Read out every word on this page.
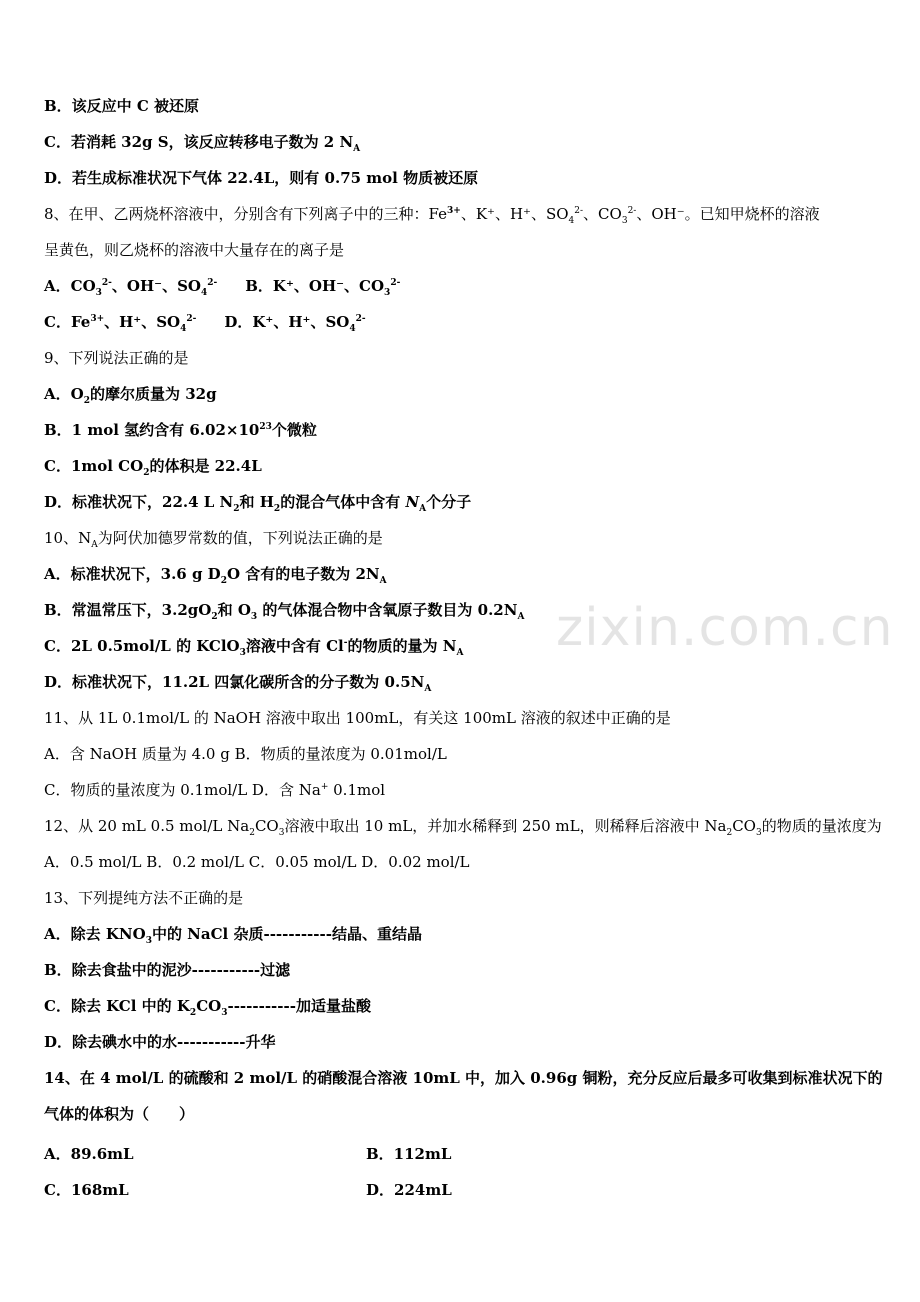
zixin.com.cn
B．该反应中 C 被还原
C．若消耗 32g S，该反应转移电子数为 2 $N_A$
D．若生成标准状况下气体 22.4L，则有 0.75 mol 物质被还原
8、在甲、乙两烧杯溶液中，分别含有下列离子中的三种：$Fe^{3+}$、K⁺、H⁺、$SO_4^{2-}$、$CO_3^{2-}$、OH⁻。已知甲烧杯的溶液
呈黄色，则乙烧杯的溶液中大量存在的离子是
A．$CO_3^{2-}$、OH⁻、$SO_4^{2-}$ B．K⁺、OH⁻、$CO_3^{2-}$
C．$Fe^{3+}$、H⁺、$SO_4^{2-}$ D．K⁺、H⁺、$SO_4^{2-}$
9、下列说法正确的是
A．$O_2$的摩尔质量为 32g
B．1 mol 氢约含有 $6.02\times 10^{23}$个微粒
C．1mol $CO_2$的体积是 22.4L
D．标准状况下，22.4 L $N_2$和 $H_2$的混合气体中含有 $N_A$个分子
10、$N_A$为阿伏加德罗常数的值，下列说法正确的是
A．标准状况下，3.6 g $D_2O$ 含有的电子数为 $2N_A$
B．常温常压下，$3.2gO_2$和 $O_3$ 的气体混合物中含氧原子数目为 $0.2N_A$
C．2L 0.5mol/L 的 KClO$_3$溶液中含有 Cl-的物质的量为 $N_A$
D．标准状况下，11.2L 四氯化碳所含的分子数为 $0.5N_A$
11、从 1L 0.1mol/L 的 NaOH 溶液中取出 100mL，有关这 100mL 溶液的叙述中正确的是
A．含 NaOH 质量为 4.0 g B．物质的量浓度为 0.01mol/L
C．物质的量浓度为 0.1mol/L D．含 Na+ 0.1mol
12、从 20 mL 0.5 mol/L $Na_2CO_3$溶液中取出 10 mL，并加水稀释到 250 mL，则稀释后溶液中 $Na_2CO_3$的物质的量浓度为
A．0.5 mol/L B．0.2 mol/L C．0.05 mol/L D．0.02 mol/L
13、下列提纯方法不正确的是
A．除去 $KNO_3$中的 NaCl 杂质-----------结晶、重结晶
B．除去食盐中的泥沙-----------过滤
C．除去 KCl 中的 $K_2CO_3-----------$加适量盐酸
D．除去碘水中的水-----------升华
14、在 4 mol/L 的硫酸和 2 mol/L 的硝酸混合溶液 10mL 中，加入 0.96g 铜粉，充分反应后最多可收集到标准状况下的
气体的体积为（　　）
A．89.6mL	B．112mL
C．168mL	D．224mL
